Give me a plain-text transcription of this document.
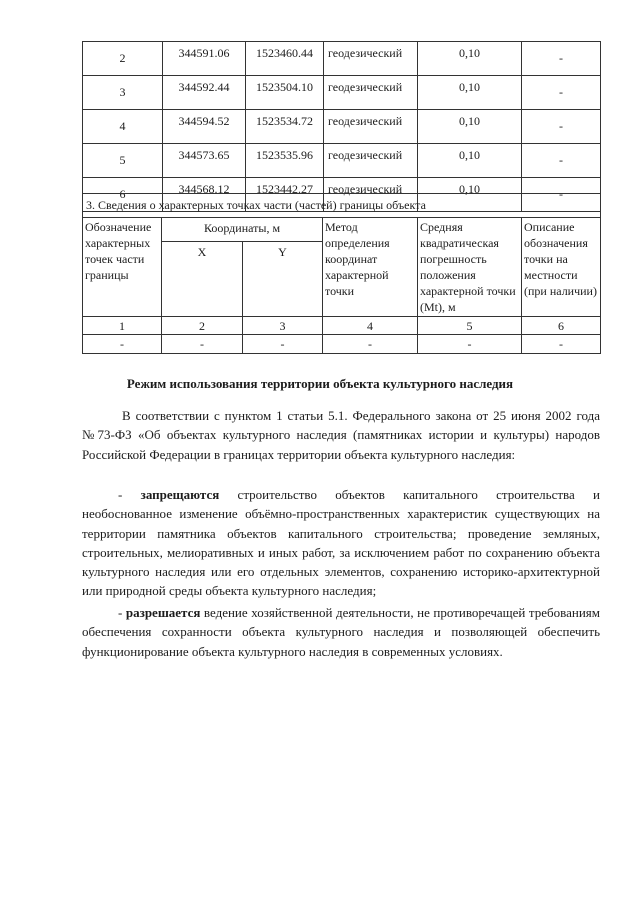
2	344591.06	1523460.44	геодезический	0,10	-
3	344592.44	1523504.10	геодезический	0,10	-
4	344594.52	1523534.72	геодезический	0,10	-
5	344573.65	1523535.96	геодезический	0,10	-
6	344568.12	1523442.27	геодезический	0,10	-
3. Сведения о характерных точках части (частей) границы объекта					
Обозначение характерных точек части границы	Координаты, м		Метод определения координат характерной точки	Средняя квадратическая погрешность положения характерной точки (Mt), м	Описание обозначения точки на местности (при наличии)
	X	Y			
1	2	3	4	5	6
-	-	-	-	-	-
Режим использования территории объекта культурного наследия
В соответствии с пунктом 1 статьи 5.1. Федерального закона от 25 июня 2002 года №73-ФЗ «Об объектах культурного наследия (памятниках истории и культуры) народов Российской Федерации в границах территории объекта культурного наследия:
- запрещаются строительство объектов капитального строительства и необоснованное изменение объёмно-пространственных характеристик существующих на территории памятника объектов капитального строительства; проведение земляных, строительных, мелиоративных и иных работ, за исключением работ по сохранению объекта культурного наследия или его отдельных элементов, сохранению историко-архитектурной или природной среды объекта культурного наследия;
- разрешается ведение хозяйственной деятельности, не противоречащей требованиям обеспечения сохранности объекта культурного наследия и позволяющей обеспечить функционирование объекта культурного наследия в современных условиях.
